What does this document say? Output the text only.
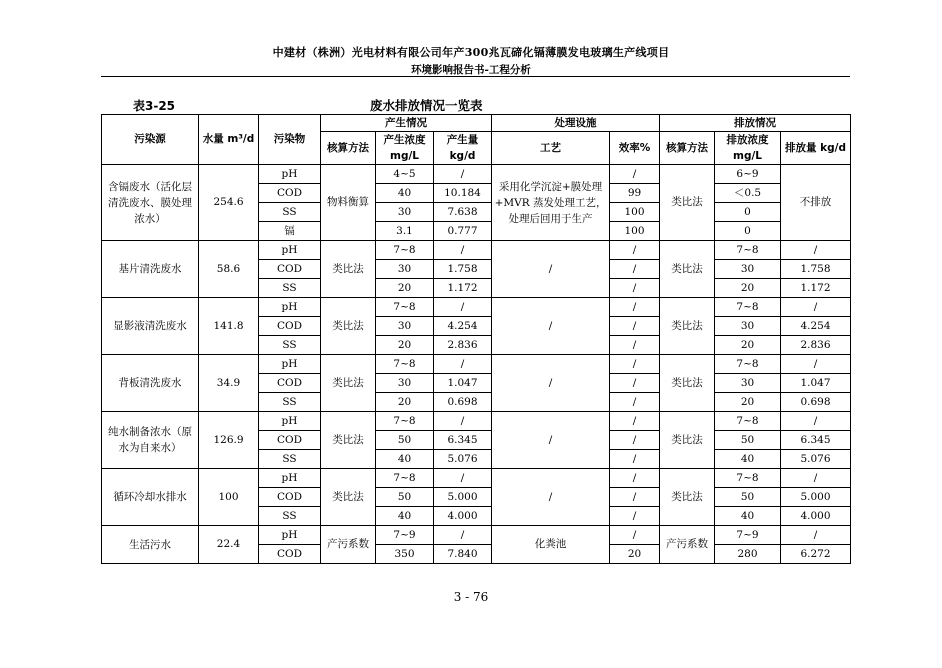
中建材（株洲）光电材料有限公司年产300兆瓦碲化镉薄膜发电玻璃生产线项目
环境影响报告书-工程分析
表3-25	废水排放情况一览表
污染源	水量 m³/d	污染物	产生情况			处理设施		排放情况		
			核算方法	产生浓度 mg/L	产生量 kg/d	工艺	效率%	核算方法	排放浓度 mg/L	排放量 kg/d
含镉废水（活化层清洗废水、膜处理浓水）	254.6	pH	物料衡算	4~5	/	采用化学沉淀+膜处理+MVR 蒸发处理工艺，处理后回用于生产	/	类比法	6~9	不排放
		COD		40	10.184		99		＜0.5	
		SS		30	7.638		100		0	
		镉		3.1	0.777		100		0	
基片清洗废水	58.6	pH	类比法	7~8	/	/	/	类比法	7~8	/
		COD		30	1.758		/		30	1.758
		SS		20	1.172		/		20	1.172
显影液清洗废水	141.8	pH	类比法	7~8	/	/	/	类比法	7~8	/
		COD		30	4.254		/		30	4.254
		SS		20	2.836		/		20	2.836
背板清洗废水	34.9	pH	类比法	7~8	/	/	/	类比法	7~8	/
		COD		30	1.047		/		30	1.047
		SS		20	0.698		/		20	0.698
纯水制备浓水（原水为自来水）	126.9	pH	类比法	7~8	/	/	/	类比法	7~8	/
		COD		50	6.345		/		50	6.345
		SS		40	5.076		/		40	5.076
循环冷却水排水	100	pH	类比法	7~8	/	/	/	类比法	7~8	/
		COD		50	5.000		/		50	5.000
		SS		40	4.000		/		40	4.000
生活污水	22.4	pH	产污系数	7~9	/	化粪池	/	产污系数	7~9	/
		COD		350	7.840		20		280	6.272
3 - 76
